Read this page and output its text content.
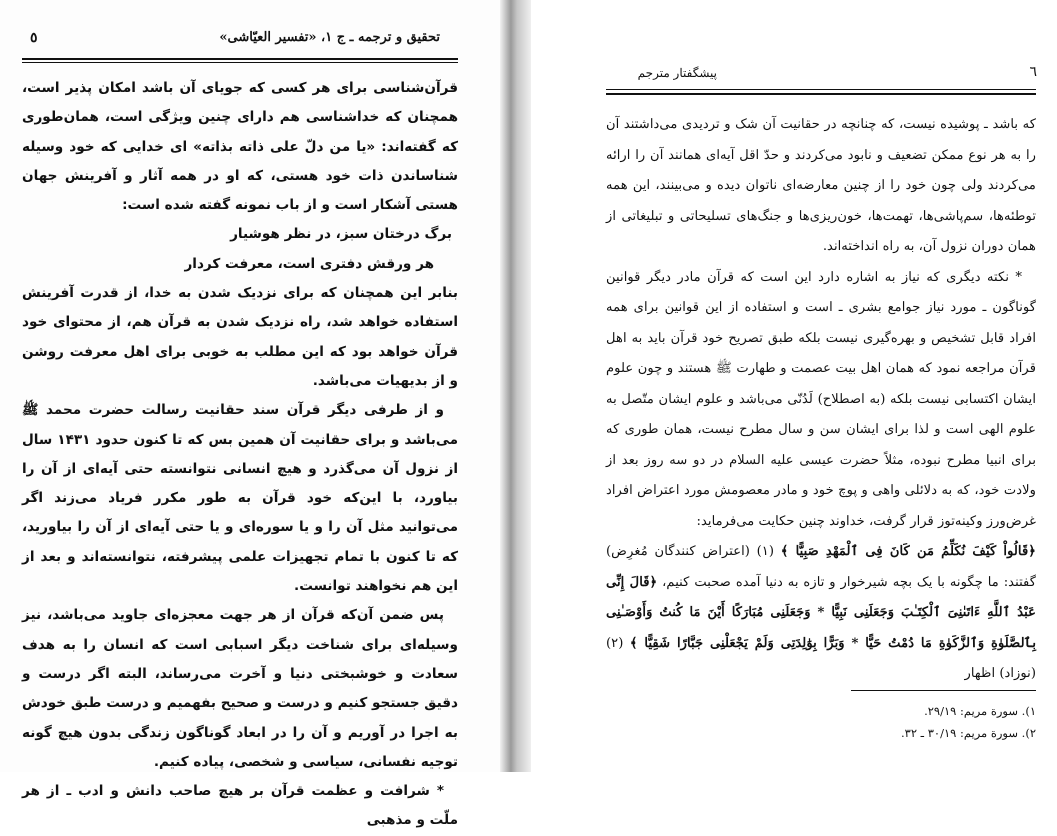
تحقیق و ترجمه ـ ج ۱، «تفسیر العیّاشی»
٥

قرآن‌شناسی برای هر کسی که جویای آن باشد امکان پذیر است، همچنان که خداشناسی هم دارای چنین ویژگی است، همان‌طوری که گفته‌اند: «یا من دلّ علی ذاته بذاته» ای خدایی که خود وسیله شناساندن ذات خود هستی، که او در همه آثار و آفرینش جهان هستی آشکار است و از باب نمونه گفته شده است:

برگ درختان سبز، در نظر هوشیار

هر ورقش دفتری است، معرفت کردار

بنابر این همچنان که برای نزدیک شدن به خدا، از قدرت آفرینش استفاده خواهد شد، راه نزدیک شدن به قرآن هم، از محتوای خود قرآن خواهد بود که این مطلب به خوبی برای اهل معرفت روشن و از بدیهیات می‌باشد.

و از طرفی دیگر قرآن سند حقانیت رسالت حضرت محمد ﷺ می‌باشد و برای حقانیت آن همین بس که تا کنون حدود ۱۴۳۱ سال از نزول آن می‌گذرد و هیچ انسانی نتوانسته حتی آیه‌ای از آن را بیاورد، با این‌که خود قرآن به طور مکرر فریاد می‌زند اگر می‌توانید مثل آن را و یا سوره‌ای و یا حتی آیه‌ای از آن را بیاورید، که تا کنون با تمام تجهیزات علمی پیشرفته، نتوانسته‌اند و بعد از این هم نخواهند توانست.

پس ضمن آن‌که قرآن از هر جهت معجزه‌ای جاوید می‌باشد، نیز وسیله‌ای برای شناخت دیگر اسبابی است که انسان را به هدف سعادت و خوشبختی دنیا و آخرت می‌رساند، البته اگر درست و دقیق جستجو کنیم و درست و صحیح بفهمیم و درست طبق خودش به اجرا در آوریم و آن را در ابعاد گوناگون زندگی بدون هیچ گونه توجیه نفسانی، سیاسی و شخصی، پیاده کنیم.

* شرافت و عظمت قرآن بر هیچ صاحب دانش و ادب ـ از هر ملّت و مذهبی

پیشگفتار مترجم	٦

که باشد ـ پوشیده نیست، که چنانچه در حقانیت آن شک و تردیدی می‌داشتند آن را به هر نوع ممکن تضعیف و نابود می‌کردند و حدّ اقل آیه‌ای همانند آن را ارائه می‌کردند ولی چون خود را از چنین معارضه‌ای ناتوان دیده و می‌بینند، این همه توطئه‌ها، سم‌پاشی‌ها، تهمت‌ها، خون‌ریزی‌ها و جنگ‌های تسلیحاتی و تبلیغاتی از همان دوران نزول آن، به راه انداخته‌اند.

* نکته دیگری که نیاز به اشاره دارد این است که قرآن مادر دیگر قوانین گوناگون ـ مورد نیاز جوامع بشری ـ است و استفاده از این قوانین برای همه افراد قابل تشخیص و بهره‌گیری نیست بلکه طبق تصریح خود قرآن باید به اهل قرآن مراجعه نمود که همان اهل بیت عصمت و طهارت ﷺ هستند و چون علوم ایشان اکتسابی نیست بلکه (به اصطلاح) لَدُنّی می‌باشد و علوم ایشان متّصل به علوم الهی است و لذا برای ایشان سن و سال مطرح نیست، همان طوری که برای انبیا مطرح نبوده، مثلاً حضرت عیسی عليه السلام در دو سه روز بعد از ولادت خود، که به دلائلی واهی و پوچ خود و مادر معصومش مورد اعتراض افراد غرض‌ورز وکینه‌توز قرار گرفت، خداوند چنین حکایت می‌فرماید:

﴿قَالُواْ كَيْفَ نُكَلِّمُ مَن كَانَ فِى ٱلْمَهْدِ صَبِيًّا ﴾ (۱) (اعتراض کنندگان مُغرِض) گفتند: ما چگونه با یک بچه شیرخوار و تازه به دنیا آمده صحبت کنیم، ﴿قَالَ إِنِّى عَبْدُ ٱللَّهِ ءَاتَىٰنِىَ ٱلْكِتَـٰبَ وَجَعَلَنِى نَبِيًّا * وَجَعَلَنِى مُبَارَكًا أَيْنَ مَا كُنتُ وَأَوْصَـٰنِى بِٱلصَّلَوٰةِ وَٱلزَّكَوٰةِ مَا دُمْتُ حَيًّا * وَبَرًّا بِوَٰلِدَتِى وَلَمْ يَجْعَلْنِى جَبَّارًا شَقِيًّا ﴾ (۲) (نوزاد) اظهار

۱). سورة مریم: ۲۹/۱۹.
۲). سورة مریم: ۳۰/۱۹ ـ ۳۲.
